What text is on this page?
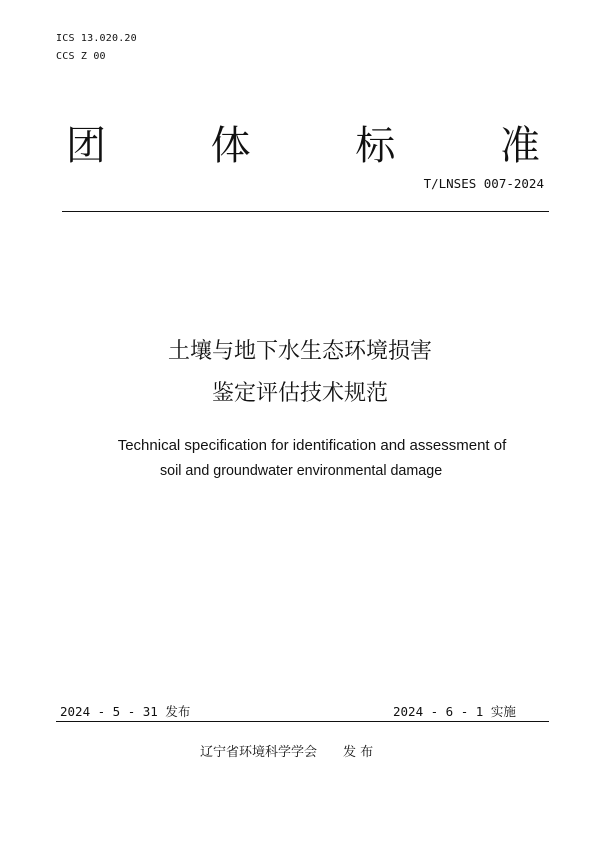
ICS 13.020.20
CCS Z 00
团	体	标	准
T/LNSES 007-2024
土壤与地下水生态环境损害
鉴定评估技术规范
Technical specification for identification and assessment of
soil and groundwater environmental damage
2024 - 5 - 31 发布	2024 - 6 - 1 实施
辽宁省环境科学学会 发 布
